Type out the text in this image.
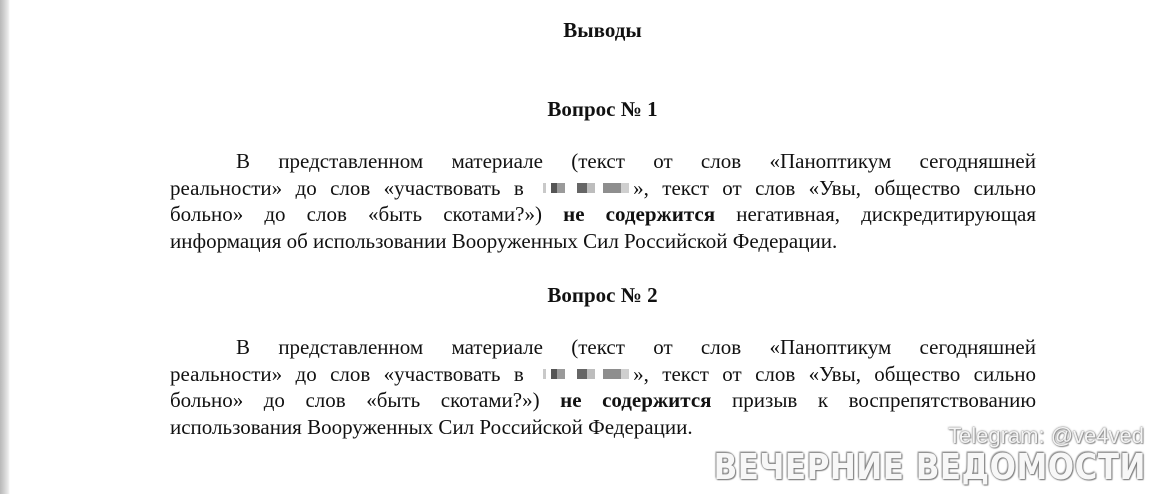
Выводы
Вопрос № 1
В представленном материале (текст от слов «Паноптикум сегодняшней
реальности» до слов «участвовать в	», текст от слов «Увы, общество сильно
больно» до слов «быть скотами?») не содержится негативная, дискредитирующая
информация об использовании Вооруженных Сил Российской Федерации.
Вопрос № 2
В представленном материале (текст от слов «Паноптикум сегодняшней
реальности» до слов «участвовать в	», текст от слов «Увы, общество сильно
больно» до слов «быть скотами?») не содержится призыв к воспрепятствованию
использования Вооруженных Сил Российской Федерации.	Telegram: @ve4ved
ВЕЧЕРНИЕ ВЕДОМОСТИ
